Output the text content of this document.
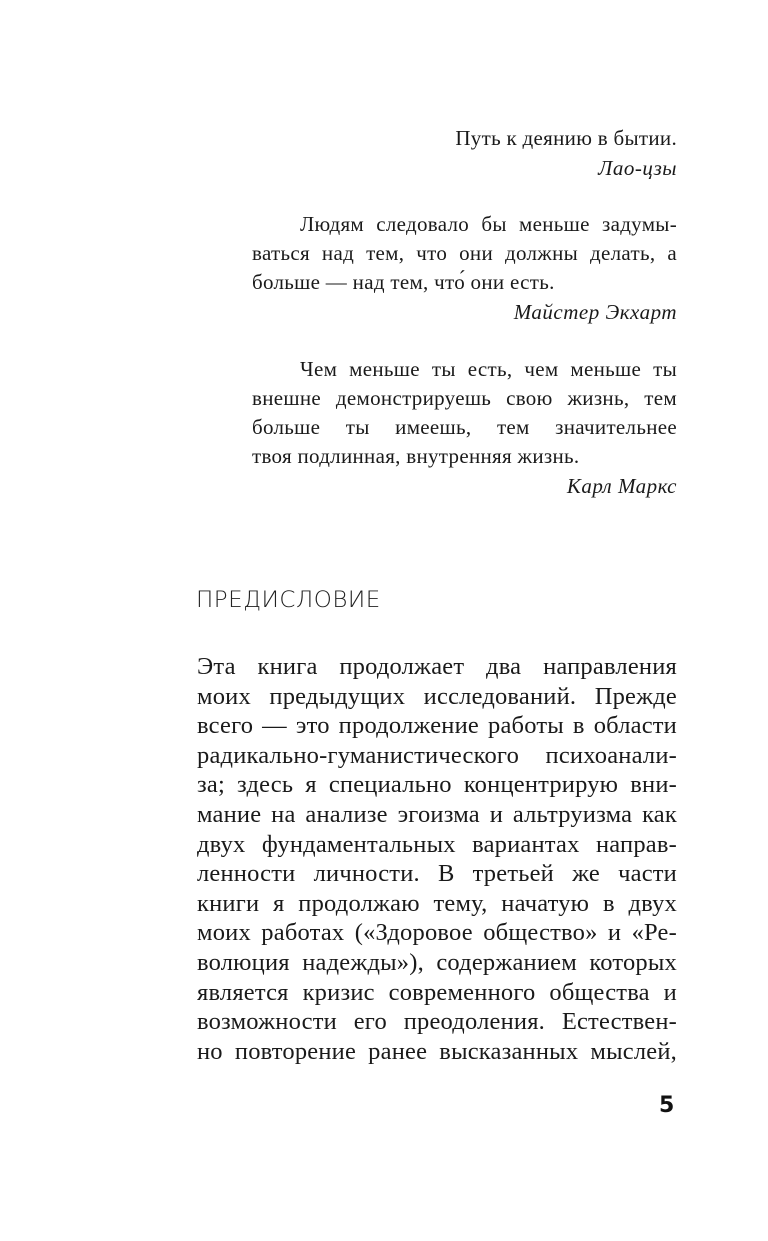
Путь к деянию в бытии.
Лао-цзы
Людям следовало бы меньше задумы-
ваться над тем, что они должны делать, а
больше — над тем, что́ они есть.
Майстер Экхарт
Чем меньше ты есть, чем меньше ты
внешне демонстрируешь свою жизнь, тем
больше ты имеешь, тем значительнее
твоя подлинная, внутренняя жизнь.
Карл Маркс
ПРЕДИСЛОВИЕ
Эта книга продолжает два направления
моих предыдущих исследований. Прежде
всего — это продолжение работы в области
радикально-гуманистического психоанали-
за; здесь я специально концентрирую вни-
мание на анализе эгоизма и альтруизма как
двух фундаментальных вариантах направ-
ленности личности. В третьей же части
книги я продолжаю тему, начатую в двух
моих работах («Здоровое общество» и «Ре-
волюция надежды»), содержанием которых
является кризис современного общества и
возможности его преодоления. Естествен-
но повторение ранее высказанных мыслей,
5
